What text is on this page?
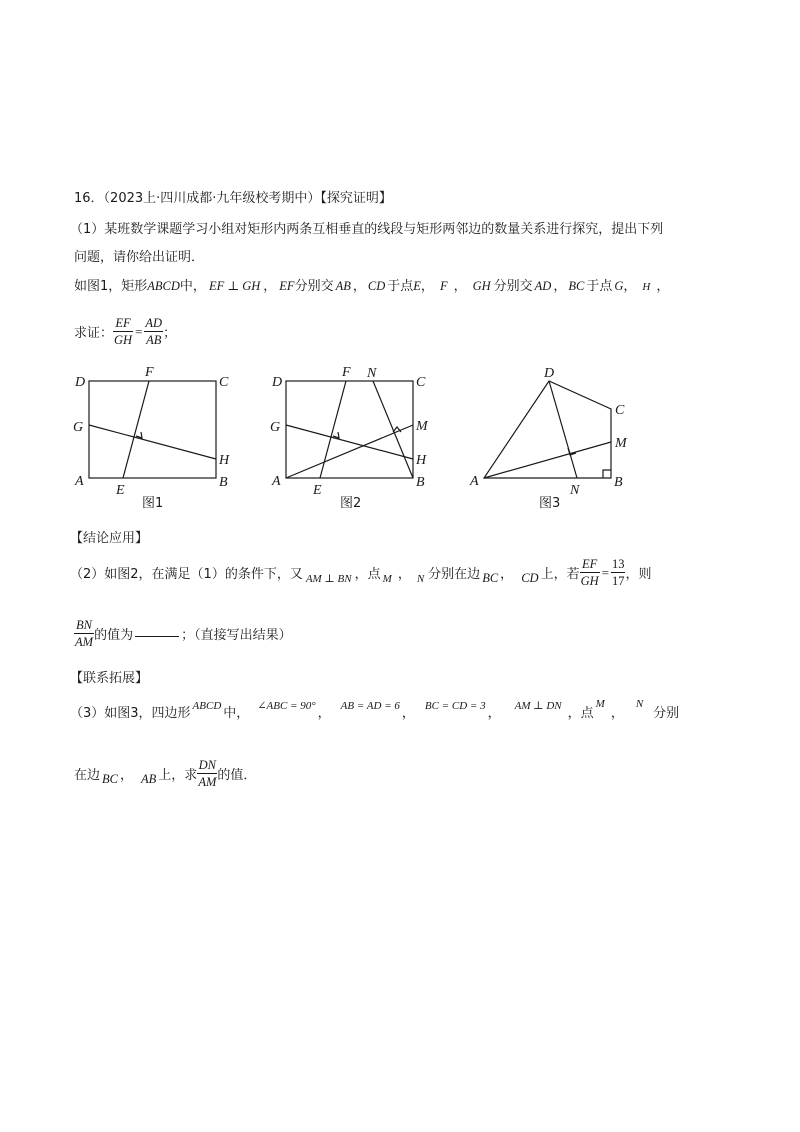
16．（2023上·四川成都·九年级校考期中）【探究证明】
（1）某班数学课题学习小组对矩形内两条互相垂直的线段与矩形两邻边的数量关系进行探究，提出下列
问题，请你给出证明．
如图1，矩形ABCD中， EF ⊥ GH ， EF分别交 AB ， CD 于点E， F ， GH 分别交 AD ， BC 于点 G， H ，
求证： $\frac{EF}{GH} = \frac{AD}{AB}$ ；
D
F
C
G
H
A
E
B
图1
D
F N
C
G	M
H
A
E
B
图2
D
C
M
A
N
B
图3
【结论应用】
（2）如图2，在满足（1）的条件下，又 $_{AM \perp BN}$ ，点 $_M$ ， $_N$ 分别在边 BC ， CD 上，若 $\frac{EF}{GH} = \frac{13}{17}$ ，则
$\frac{BN}{AM}$ 的值为	；（直接写出结果）
【联系拓展】
（3）如图3，四边形 $^{ABCD}$ 中， $^{\angle ABC = 90^\circ}$ ， $^{AB = AD = 6}$ ， $^{BC = CD = 3}$ ， $^{AM \perp DN}$ ，点$^M$，$^N$分别
在边 BC ， AB 上，求 $\frac{DN}{AM}$ 的值．
